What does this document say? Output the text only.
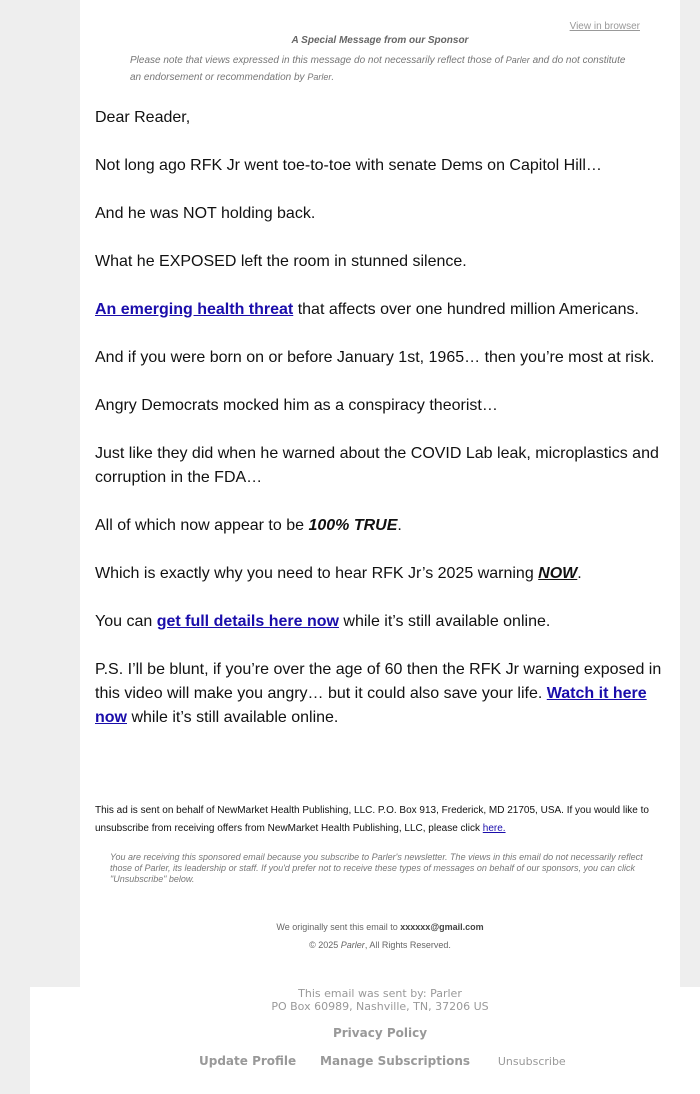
View in browser
A Special Message from our Sponsor
Please note that views expressed in this message do not necessarily reflect those of Parler and do not constitute an endorsement or recommendation by Parler.

Dear Reader,

Not long ago RFK Jr went toe-to-toe with senate Dems on Capitol Hill…

And he was NOT holding back.

What he EXPOSED left the room in stunned silence.

An emerging health threat that affects over one hundred million Americans.

And if you were born on or before January 1st, 1965… then you’re most at risk.

Angry Democrats mocked him as a conspiracy theorist…

Just like they did when he warned about the COVID Lab leak, microplastics and corruption in the FDA…

All of which now appear to be 100% TRUE.

Which is exactly why you need to hear RFK Jr’s 2025 warning NOW.

You can get full details here now while it’s still available online.

P.S. I’ll be blunt, if you’re over the age of 60 then the RFK Jr warning exposed in this video will make you angry… but it could also save your life. Watch it here now while it’s still available online.

This ad is sent on behalf of NewMarket Health Publishing, LLC. P.O. Box 913, Frederick, MD 21705, USA. If you would like to unsubscribe from receiving offers from NewMarket Health Publishing, LLC, please click here.
You are receiving this sponsored email because you subscribe to Parler's newsletter. The views in this email do not necessarily reflect those of Parler, its leadership or staff. If you'd prefer not to receive these types of messages on behalf of our sponsors, you can click "Unsubscribe" below.
We originally sent this email to xxxxxx@gmail.com
© 2025 Parler, All Rights Reserved.
This email was sent by: Parler
PO Box 60989, Nashville, TN, 37206 US
Privacy Policy
Update Profile Manage Subscriptions	Unsubscribe
